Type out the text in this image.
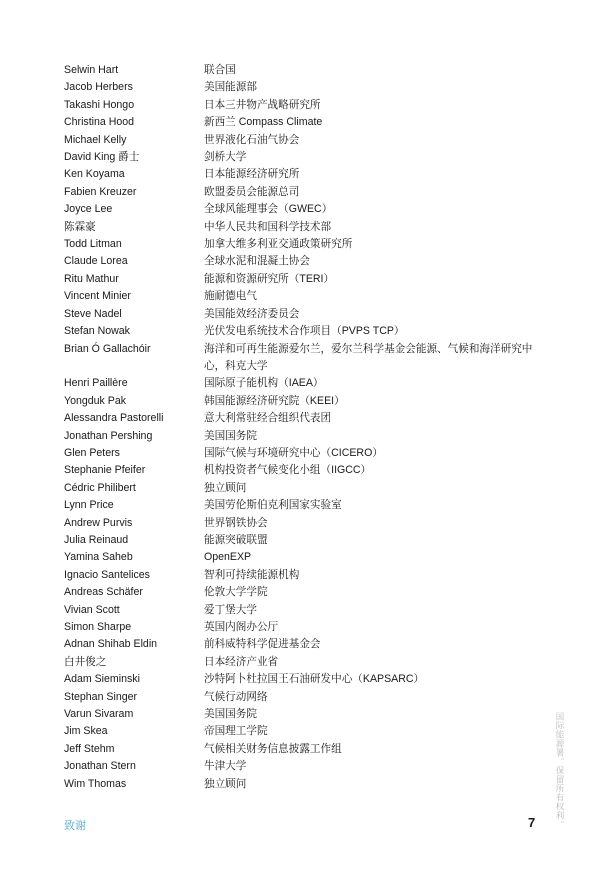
Selwin Hart	联合国
Jacob Herbers	美国能源部
Takashi Hongo	日本三井物产战略研究所
Christina Hood	新西兰 Compass Climate
Michael Kelly	世界液化石油气协会
David King 爵士	剑桥大学
Ken Koyama	日本能源经济研究所
Fabien Kreuzer	欧盟委员会能源总司
Joyce Lee	全球风能理事会（GWEC）
陈霖豪	中华人民共和国科学技术部
Todd Litman	加拿大维多利亚交通政策研究所
Claude Lorea	全球水泥和混凝土协会
Ritu Mathur	能源和资源研究所（TERI）
Vincent Minier	施耐德电气
Steve Nadel	美国能效经济委员会
Stefan Nowak	光伏发电系统技术合作项目（PVPS TCP）
Brian Ó Gallachóir	海洋和可再生能源爱尔兰，爱尔兰科学基金会能源、气候和海洋研究中心，科克大学
Henri Paillère	国际原子能机构（IAEA）
Yongduk Pak	韩国能源经济研究院（KEEI）
Alessandra Pastorelli	意大利常驻经合组织代表团
Jonathan Pershing	美国国务院
Glen Peters	国际气候与环境研究中心（CICERO）
Stephanie Pfeifer	机构投资者气候变化小组（IIGCC）
Cédric Philibert	独立顾问
Lynn Price	美国劳伦斯伯克利国家实验室
Andrew Purvis	世界钢铁协会
Julia Reinaud	能源突破联盟
Yamina Saheb	OpenEXP
Ignacio Santelices	智利可持续能源机构
Andreas Schäfer	伦敦大学学院
Vivian Scott	爱丁堡大学
Simon Sharpe	英国内阁办公厅
Adnan Shihab Eldin	前科威特科学促进基金会
白井俊之	日本经济产业省
Adam Sieminski	沙特阿卜杜拉国王石油研发中心（KAPSARC）
Stephan Singer	气候行动网络
Varun Sivaram	美国国务院
Jim Skea	帝国理工学院
Jeff Stehm	气候相关财务信息披露工作组
Jonathan Stern	牛津大学
Wim Thomas	独立顾问
致谢	7 国际能源署。保留所有权利。
